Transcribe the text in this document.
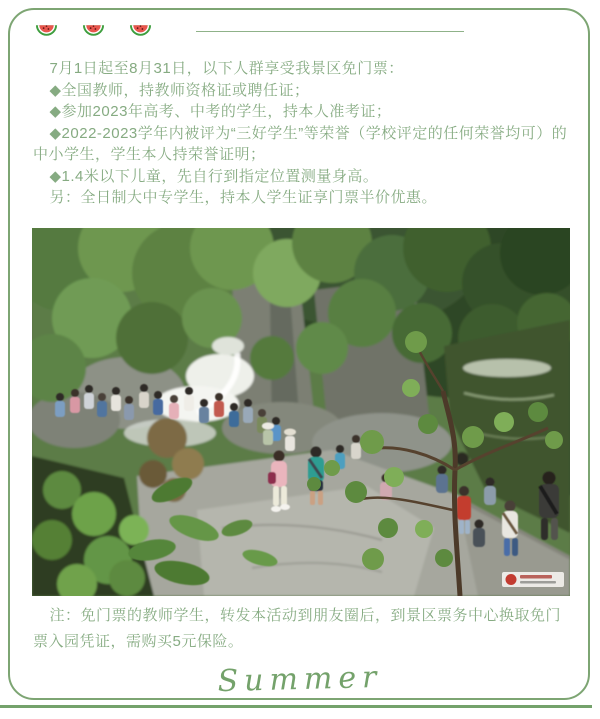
7月1日起至8月31日，以下人群享受我景区免门票：

◆全国教师，持教师资格证或聘任证；

◆参加2023年高考、中考的学生，持本人准考证；

◆2022-2023学年内被评为“三好学生”等荣誉（学校评定的任何荣誉均可）的中小学生，学生本人持荣誉证明；

◆1.4米以下儿童，先自行到指定位置测量身高。

另：全日制大中专学生，持本人学生证享门票半价优惠。

注：免门票的教师学生，转发本活动到朋友圈后，到景区票务中心换取免门票入园凭证，需购买5元保险。

Summer
